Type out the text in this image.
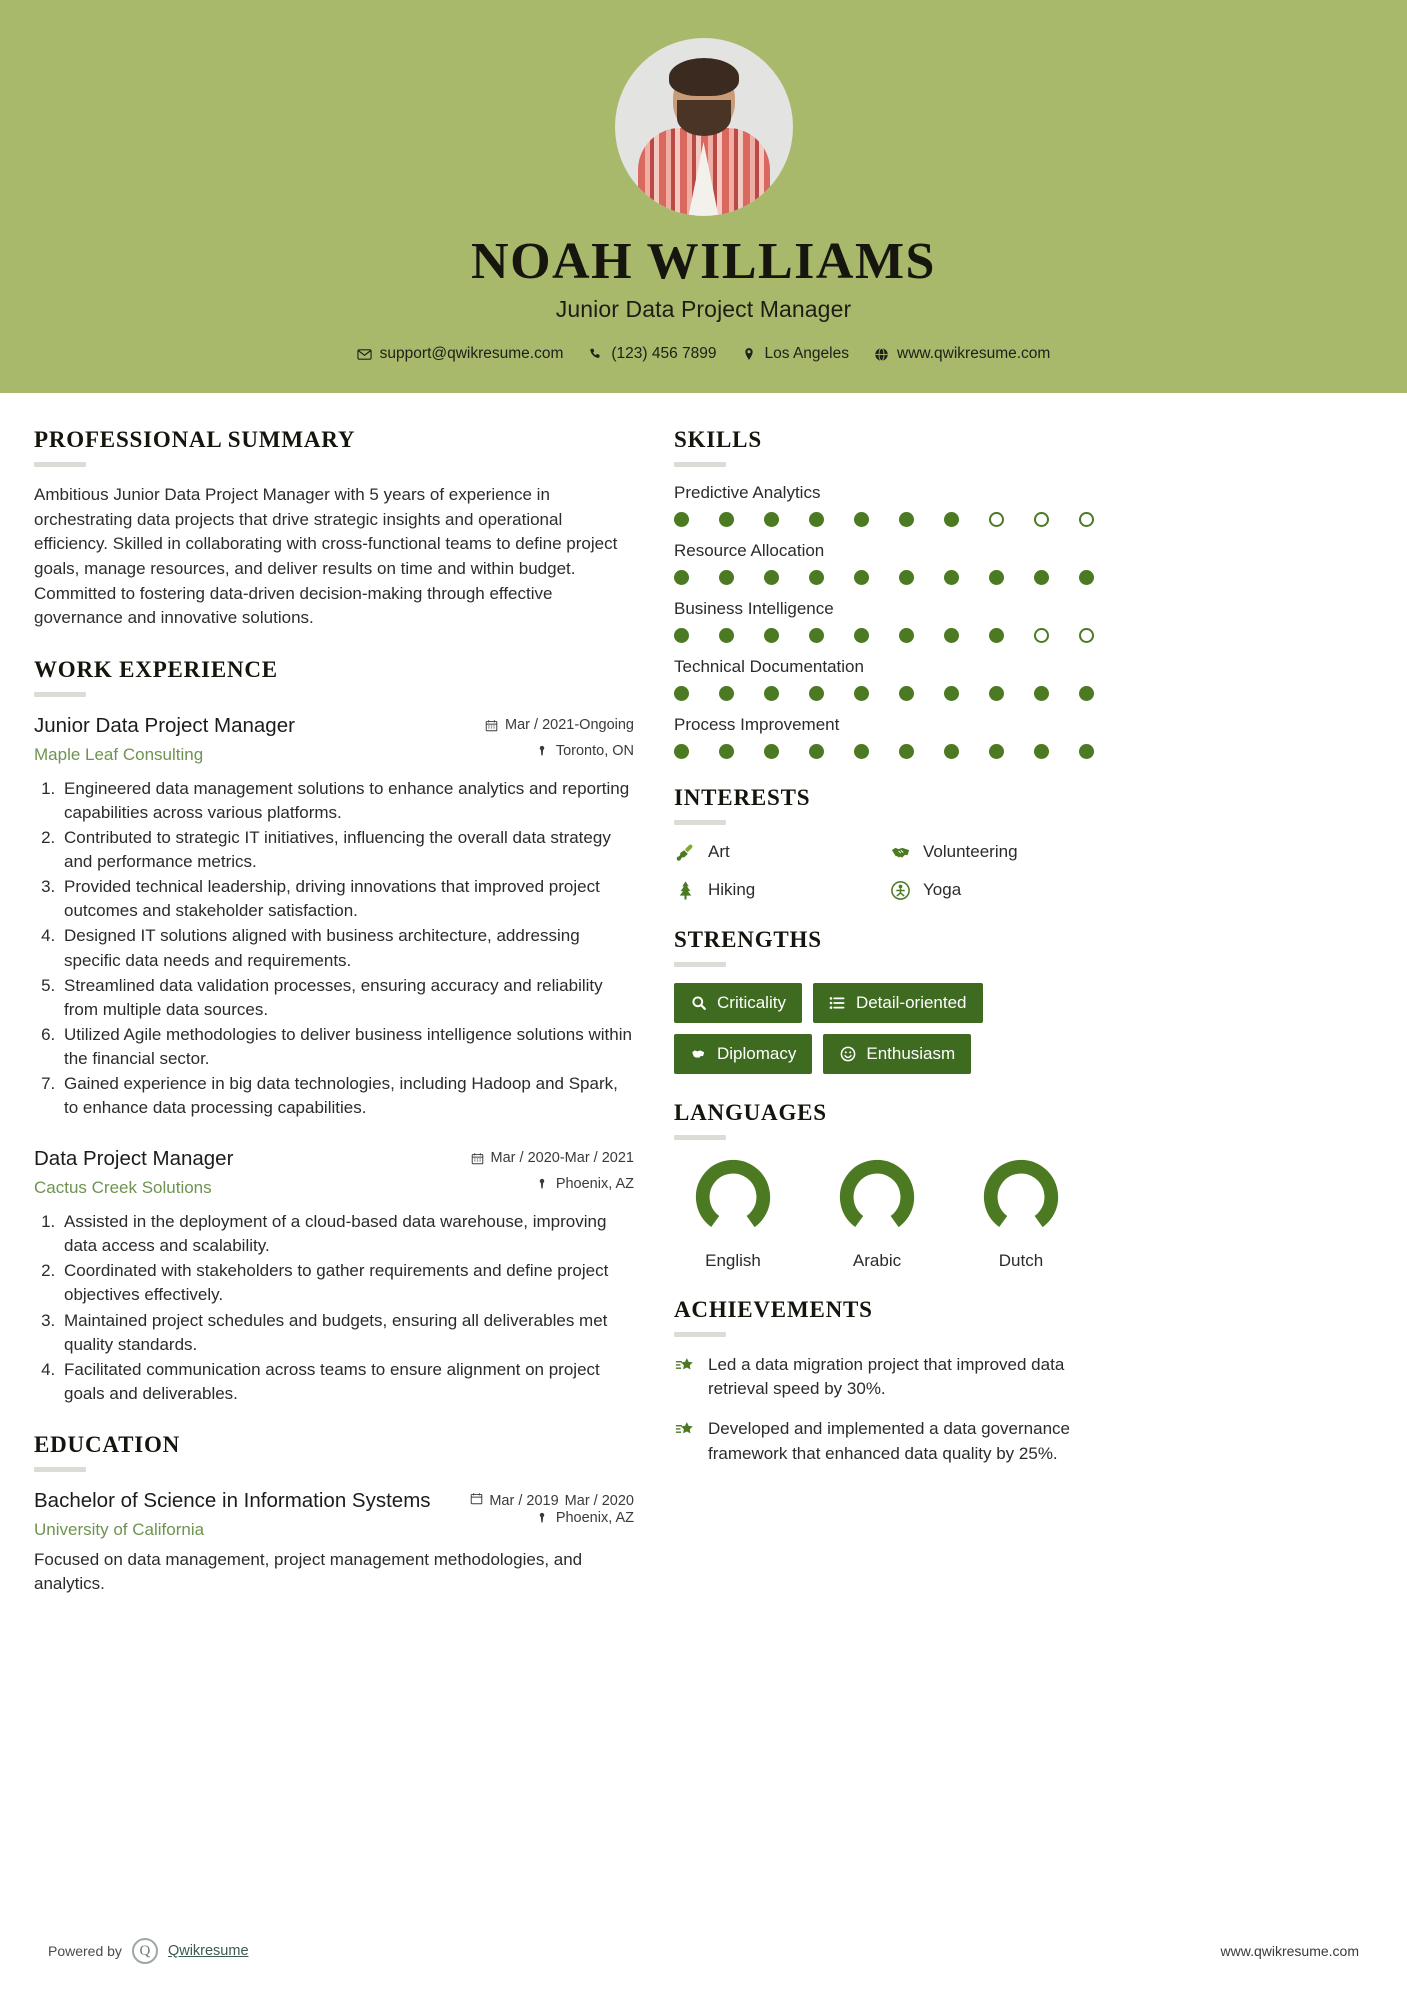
NOAH WILLIAMS
Junior Data Project Manager
support@qwikresume.com	(123) 456 7899	Los Angeles	www.qwikresume.com
PROFESSIONAL SUMMARY
Ambitious Junior Data Project Manager with 5 years of experience in orchestrating data projects that drive strategic insights and operational efficiency. Skilled in collaborating with cross-functional teams to define project goals, manage resources, and deliver results on time and within budget. Committed to fostering data-driven decision-making through effective governance and innovative solutions.
WORK EXPERIENCE
Junior Data Project Manager
Maple Leaf Consulting
Mar / 2021-Ongoing
Toronto, ON
1. Engineered data management solutions to enhance analytics and reporting capabilities across various platforms.
2. Contributed to strategic IT initiatives, influencing the overall data strategy and performance metrics.
3. Provided technical leadership, driving innovations that improved project outcomes and stakeholder satisfaction.
4. Designed IT solutions aligned with business architecture, addressing specific data needs and requirements.
5. Streamlined data validation processes, ensuring accuracy and reliability from multiple data sources.
6. Utilized Agile methodologies to deliver business intelligence solutions within the financial sector.
7. Gained experience in big data technologies, including Hadoop and Spark, to enhance data processing capabilities.
Data Project Manager
Cactus Creek Solutions
Mar / 2020-Mar / 2021
Phoenix, AZ
1. Assisted in the deployment of a cloud-based data warehouse, improving data access and scalability.
2. Coordinated with stakeholders to gather requirements and define project objectives effectively.
3. Maintained project schedules and budgets, ensuring all deliverables met quality standards.
4. Facilitated communication across teams to ensure alignment on project goals and deliverables.
EDUCATION
Bachelor of Science in Information Systems
University of California
Mar / 2019 Mar / 2020
Phoenix, AZ
Focused on data management, project management methodologies, and analytics.
SKILLS
Predictive Analytics
Resource Allocation
Business Intelligence
Technical Documentation
Process Improvement
INTERESTS
Art	Volunteering
Hiking	Yoga
STRENGTHS
Criticality	Detail-oriented
Diplomacy	Enthusiasm
LANGUAGES
English	Arabic	Dutch
ACHIEVEMENTS
Led a data migration project that improved data retrieval speed by 30%.
Developed and implemented a data governance framework that enhanced data quality by 25%.
Powered by	Q	Qwikresume	www.qwikresume.com
